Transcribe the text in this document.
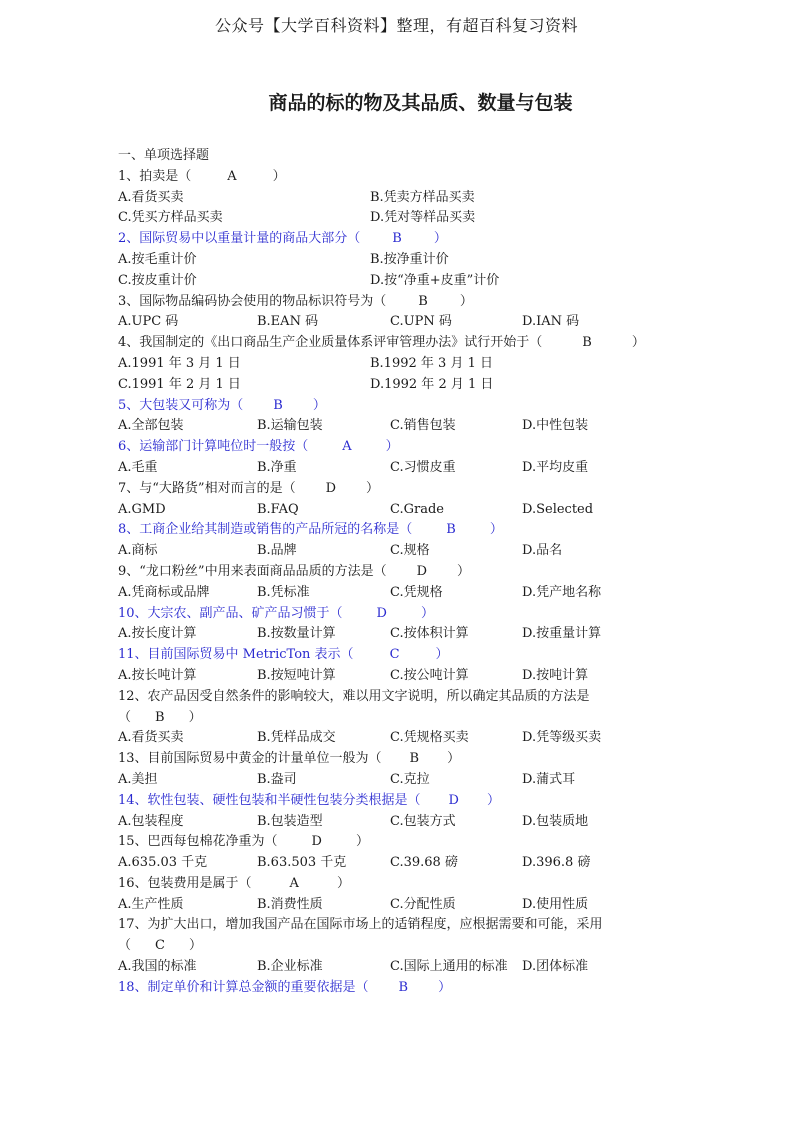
公众号【大学百科资料】整理，有超百科复习资料
商品的标的物及其品质、数量与包装
一、单项选择题
1、拍卖是（	A	）
A.看货买卖	B.凭卖方样品买卖
C.凭买方样品买卖	D.凭对等样品买卖
2、国际贸易中以重量计量的商品大部分（ B ）
A.按毛重计价	B.按净重计价
C.按皮重计价	D.按“净重+皮重”计价
3、国际物品编码协会使用的物品标识符号为（ B ）
A.UPC 码	B.EAN 码	C.UPN 码	D.IAN 码
4、我国制定的《出口商品生产企业质量体系评审管理办法》试行开始于（	B	）
A.1991 年 3 月 1 日	B.1992 年 3 月 1 日
C.1991 年 2 月 1 日	D.1992 年 2 月 1 日
5、大包装又可称为（ B ）
A.全部包装	B.运输包装	C.销售包装	D.中性包装
6、运输部门计算吨位时一般按（	A	）
A.毛重	B.净重	C.习惯皮重	D.平均皮重
7、与“大路货”相对而言的是（ D ）
A.GMD	B.FAQ	C.Grade	D.Selected
8、工商企业给其制造或销售的产品所冠的名称是（	B	）
A.商标	B.品牌	C.规格	D.品名
9、“龙口粉丝”中用来表面商品品质的方法是（ D ）
A.凭商标或品牌	B.凭标准	C.凭规格	D.凭产地名称
10、大宗农、副产品、矿产品习惯于（	D	）
A.按长度计算	B.按数量计算	C.按体积计算	D.按重量计算
11、目前国际贸易中 MetricTon 表示（	C	）
A.按长吨计算	B.按短吨计算	C.按公吨计算	D.按吨计算
12、农产品因受自然条件的影响较大，难以用文字说明，所以确定其品质的方法是
（ B ）
A.看货买卖	B.凭样品成交	C.凭规格买卖	D.凭等级买卖
13、目前国际贸易中黄金的计量单位一般为（ B ）
A.美担	B.盎司	C.克拉	D.蒲式耳
14、软性包装、硬性包装和半硬性包装分类根据是（ D ）
A.包装程度	B.包装造型	C.包装方式	D.包装质地
15、巴西每包棉花净重为（	D	）
A.635.03 千克	B.63.503 千克	C.39.68 磅	D.396.8 磅
16、包装费用是属于（	A	）
A.生产性质	B.消费性质	C.分配性质	D.使用性质
17、为扩大出口，增加我国产品在国际市场上的适销程度，应根据需要和可能，采用
（ C ）
A.我国的标准	B.企业标准	C.国际上通用的标准 D.团体标准
18、制定单价和计算总金额的重要依据是（ B ）
